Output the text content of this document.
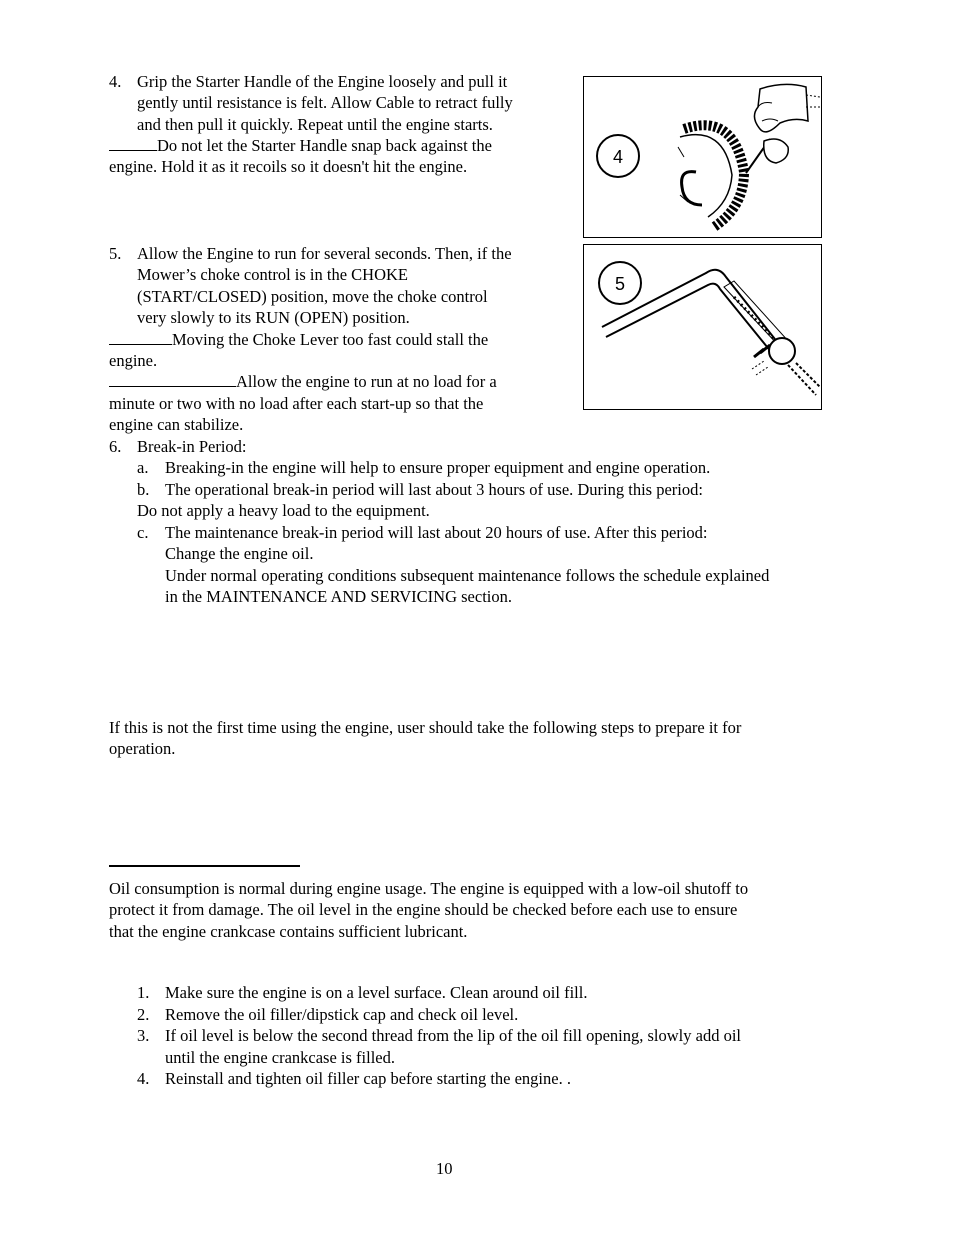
4. Grip the Starter Handle of the Engine loosely and pull it
gently until resistance is felt. Allow Cable to retract fully
and then pull it quickly. Repeat until the engine starts.
Do not let the Starter Handle snap back against the
engine. Hold it as it recoils so it doesn't hit the engine.	4
5. Allow the Engine to run for several seconds. Then, if the
Mower’s choke control is in the CHOKE
(START/CLOSED) position, move the choke control
very slowly to its RUN (OPEN) position.
Moving the Choke Lever too fast could stall the
engine.
Allow the engine to run at no load for a
minute or two with no load after each start-up so that the
engine can stabilize.
5
6. Break-in Period:
a. Breaking-in the engine will help to ensure proper equipment and engine operation.
b. The operational break-in period will last about 3 hours of use. During this period:
Do not apply a heavy load to the equipment.
c. The maintenance break-in period will last about 20 hours of use. After this period:
Change the engine oil.
Under normal operating conditions subsequent maintenance follows the schedule explained
in the MAINTENANCE AND SERVICING section.
If this is not the first time using the engine, user should take the following steps to prepare it for
operation.
Oil consumption is normal during engine usage. The engine is equipped with a low-oil shutoff to
protect it from damage. The oil level in the engine should be checked before each use to ensure
that the engine crankcase contains sufficient lubricant.
1. Make sure the engine is on a level surface. Clean around oil fill.
2. Remove the oil filler/dipstick cap and check oil level.
3. If oil level is below the second thread from the lip of the oil fill opening, slowly add oil
until the engine crankcase is filled.
4. Reinstall and tighten oil filler cap before starting the engine. .
10
